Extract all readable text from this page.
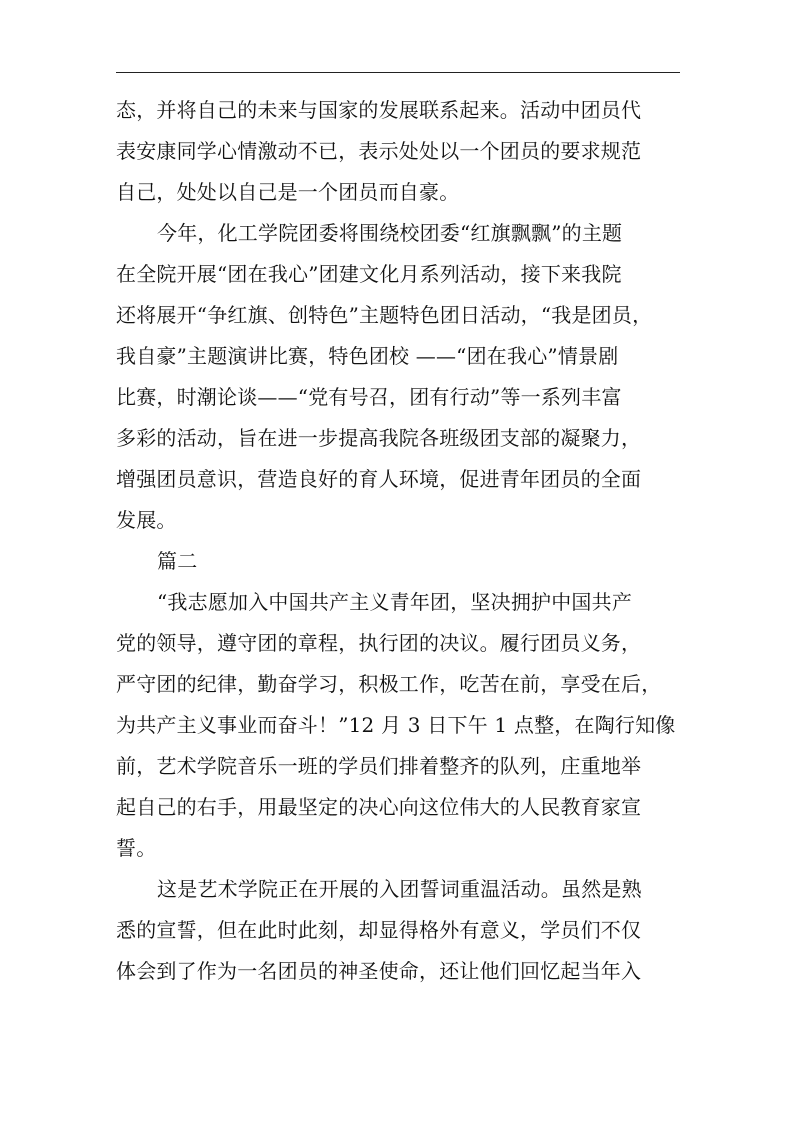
态，并将自己的未来与国家的发展联系起来。活动中团员代
表安康同学心情激动不已，表示处处以一个团员的要求规范
自己，处处以自己是一个团员而自豪。
今年，化工学院团委将围绕校团委“红旗飘飘”的主题
在全院开展“团在我心”团建文化月系列活动，接下来我院
还将展开“争红旗、创特色”主题特色团日活动，“我是团员，
我自豪”主题演讲比赛，特色团校 ——“团在我心”情景剧
比赛，时潮论谈——“党有号召，团有行动”等一系列丰富
多彩的活动，旨在进一步提高我院各班级团支部的凝聚力，
增强团员意识，营造良好的育人环境，促进青年团员的全面
发展。
篇二
“我志愿加入中国共产主义青年团，坚决拥护中国共产
党的领导，遵守团的章程，执行团的决议。履行团员义务，
严守团的纪律，勤奋学习，积极工作，吃苦在前，享受在后，
为共产主义事业而奋斗！”12 月 3 日下午 1 点整，在陶行知像
前，艺术学院音乐一班的学员们排着整齐的队列，庄重地举
起自己的右手，用最坚定的决心向这位伟大的人民教育家宣
誓。
这是艺术学院正在开展的入团誓词重温活动。虽然是熟
悉的宣誓，但在此时此刻，却显得格外有意义，学员们不仅
体会到了作为一名团员的神圣使命，还让他们回忆起当年入
